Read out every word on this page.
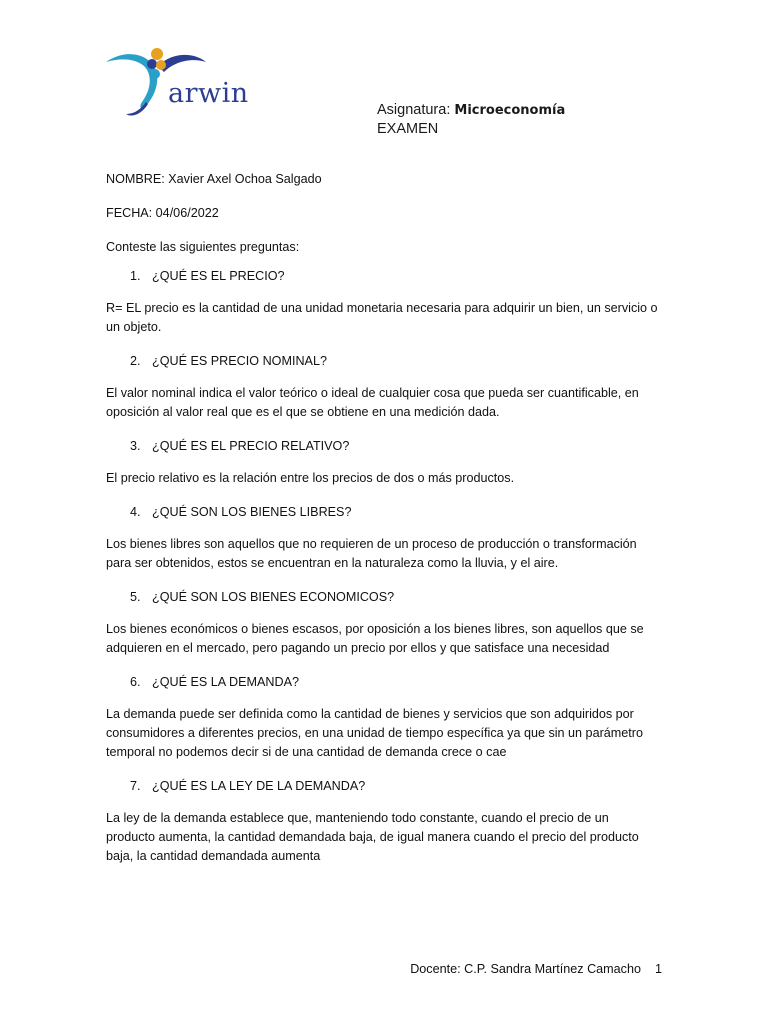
arwin
Asignatura: Microeconomía
EXAMEN

NOMBRE: Xavier Axel Ochoa Salgado

FECHA: 04/06/2022

Conteste las siguientes preguntas:

1. ¿QUÉ ES EL PRECIO?

R= EL precio es la cantidad de una unidad monetaria necesaria para adquirir un bien, un servicio o

un objeto.

2. ¿QUÉ ES PRECIO NOMINAL?

El valor nominal indica el valor teórico o ideal de cualquier cosa que pueda ser cuantificable, en

oposición al valor real que es el que se obtiene en una medición dada.

3. ¿QUÉ ES EL PRECIO RELATIVO?

El precio relativo es la relación entre los precios de dos o más productos.

4. ¿QUÉ SON LOS BIENES LIBRES?

Los bienes libres son aquellos que no requieren de un proceso de producción o transformación

para ser obtenidos, estos se encuentran en la naturaleza como la lluvia, y el aire.

5. ¿QUÉ SON LOS BIENES ECONOMICOS?

Los bienes económicos o bienes escasos, por oposición a los bienes libres, son aquellos que se

adquieren en el mercado, pero pagando un precio por ellos y que satisface una necesidad

6. ¿QUÉ ES LA DEMANDA?

La demanda puede ser definida como la cantidad de bienes y servicios que son adquiridos por

consumidores a diferentes precios, en una unidad de tiempo específica ya que sin un parámetro

temporal no podemos decir si de una cantidad de demanda crece o cae

7. ¿QUÉ ES LA LEY DE LA DEMANDA?

La ley de la demanda establece que, manteniendo todo constante, cuando el precio de un

producto aumenta, la cantidad demandada baja, de igual manera cuando el precio del producto

baja, la cantidad demandada aumenta

Docente: C.P. Sandra Martínez Camacho 1
